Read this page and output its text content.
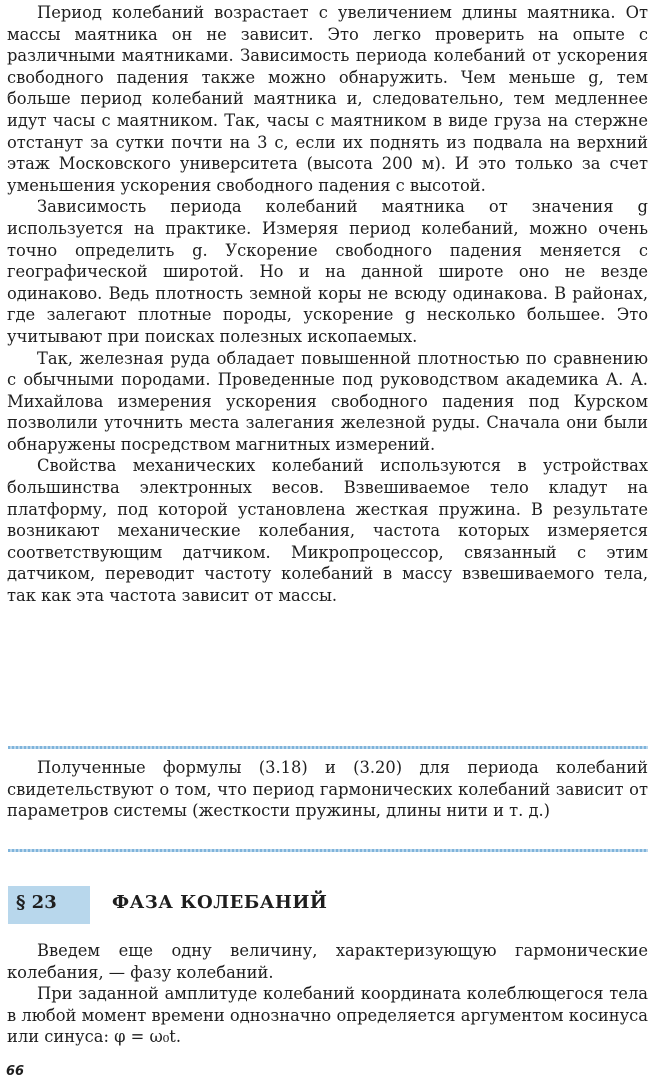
Период колебаний возрастает с увеличением длины маятника. От массы маятника он не зависит. Это легко проверить на опыте с различными маятниками. Зависимость периода колебаний от ускорения свободного падения также можно обнаружить. Чем меньше g, тем больше период колебаний маятника и, следовательно, тем медленнее идут часы с маятником. Так, часы с маятником в виде груза на стержне отстанут за сутки почти на 3 с, если их поднять из подвала на верхний этаж Московского университета (высота 200 м). И это только за счет уменьшения ускорения свободного падения с высотой.

Зависимость периода колебаний маятника от значения g используется на практике. Измеряя период колебаний, можно очень точно определить g. Ускорение свободного падения меняется с географической широтой. Но и на данной широте оно не везде одинаково. Ведь плотность земной коры не всюду одинакова. В районах, где залегают плотные породы, ускорение g несколько большее. Это учитывают при поисках полезных ископаемых.

Так, железная руда обладает повышенной плотностью по сравнению с обычными породами. Проведенные под руководством академика А. А. Михайлова измерения ускорения свободного падения под Курском позволили уточнить места залегания железной руды. Сначала они были обнаружены посредством магнитных измерений.

Свойства механических колебаний используются в устройствах большинства электронных весов. Взвешиваемое тело кладут на платформу, под которой установлена жесткая пружина. В результате возникают механические колебания, частота которых измеряется соответствующим датчиком. Микропроцессор, связанный с этим датчиком, переводит частоту колебаний в массу взвешиваемого тела, так как эта частота зависит от массы.

Полученные формулы (3.18) и (3.20) для периода колебаний свидетельствуют о том, что период гармонических колебаний зависит от параметров системы (жесткости пружины, длины нити и т. д.)

§ 23	ФАЗА КОЛЕБАНИЙ

Введем еще одну величину, характеризующую гармонические колебания, — фазу колебаний.

При заданной амплитуде колебаний координата колеблющегося тела в любой момент времени однозначно определяется аргументом косинуса или синуса: φ = ω₀t.

66
